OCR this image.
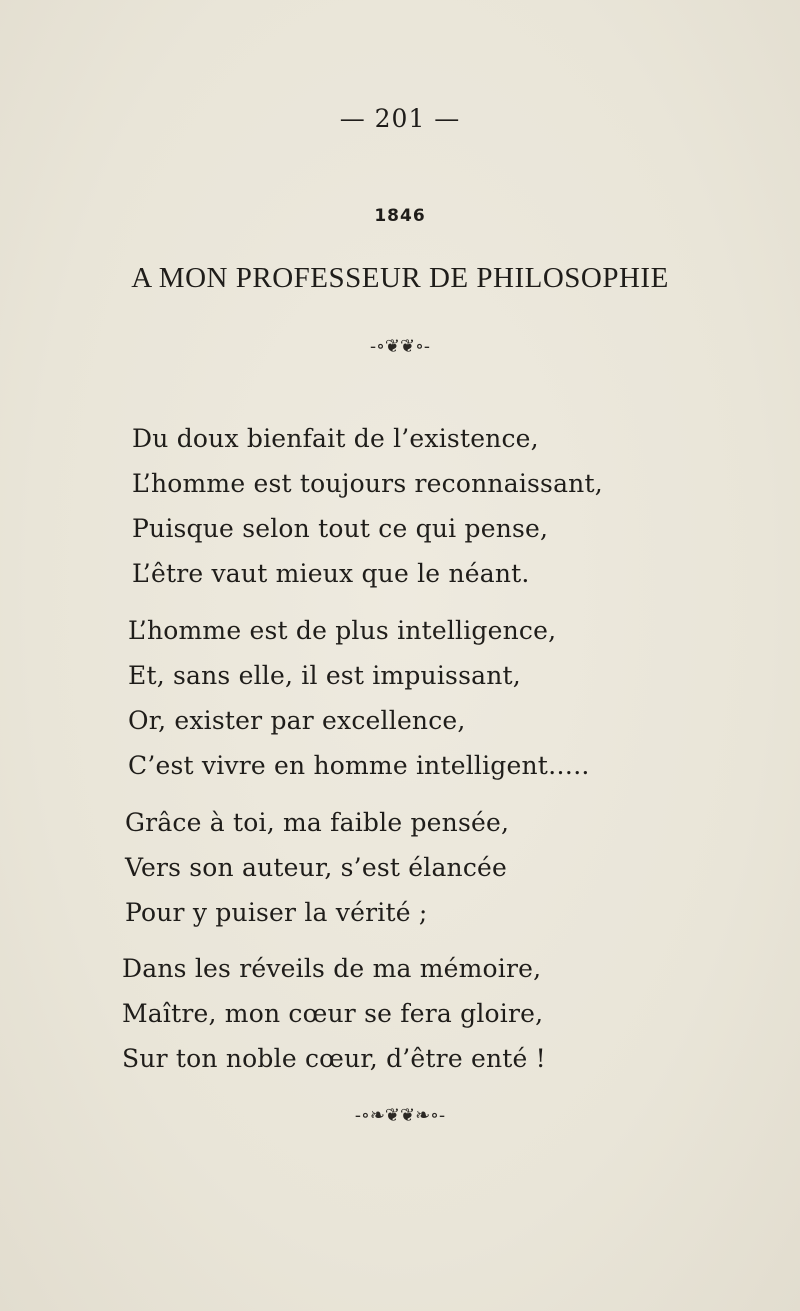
— 201 —
1846
A MON PROFESSEUR DE PHILOSOPHIE
-∘❦❦∘-
Du doux bienfait de l’existence,
L’homme est toujours reconnaissant,
Puisque selon tout ce qui pense,
L’être vaut mieux que le néant.
L’homme est de plus intelligence,
Et, sans elle, il est impuissant,
Or, exister par excellence,
C’est vivre en homme intelligent…..
Grâce à toi, ma faible pensée,
Vers son auteur, s’est élancée
Pour y puiser la vérité ;
Dans les réveils de ma mémoire,
Maître, mon cœur se fera gloire,
Sur ton noble cœur, d’être enté !
-∘❧❦❦❧∘-
